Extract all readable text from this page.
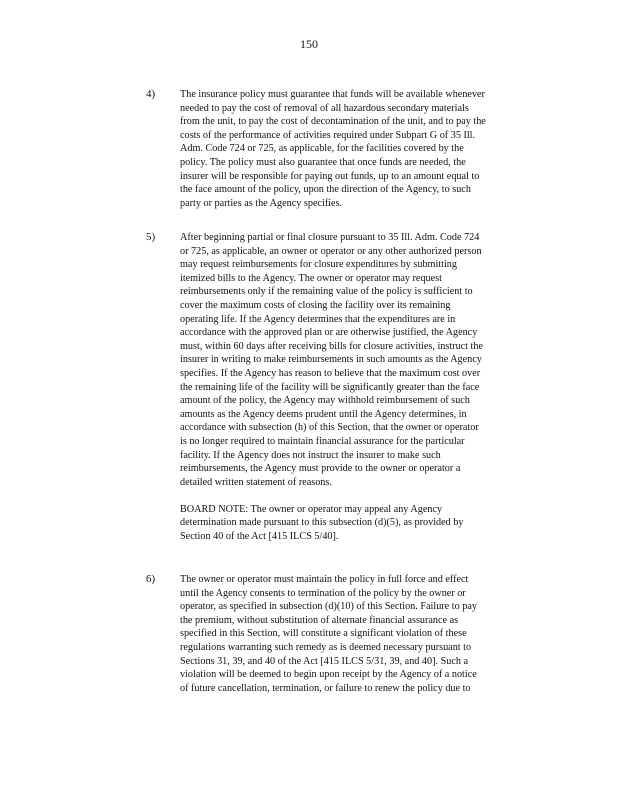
150
4) The insurance policy must guarantee that funds will be available whenever
needed to pay the cost of removal of all hazardous secondary materials
from the unit, to pay the cost of decontamination of the unit, and to pay the
costs of the performance of activities required under Subpart G of 35 Ill.
Adm. Code 724 or 725, as applicable, for the facilities covered by the
policy. The policy must also guarantee that once funds are needed, the
insurer will be responsible for paying out funds, up to an amount equal to
the face amount of the policy, upon the direction of the Agency, to such
party or parties as the Agency specifies.
5) After beginning partial or final closure pursuant to 35 Ill. Adm. Code 724
or 725, as applicable, an owner or operator or any other authorized person
may request reimbursements for closure expenditures by submitting
itemized bills to the Agency. The owner or operator may request
reimbursements only if the remaining value of the policy is sufficient to
cover the maximum costs of closing the facility over its remaining
operating life. If the Agency determines that the expenditures are in
accordance with the approved plan or are otherwise justified, the Agency
must, within 60 days after receiving bills for closure activities, instruct the
insurer in writing to make reimbursements in such amounts as the Agency
specifies. If the Agency has reason to believe that the maximum cost over
the remaining life of the facility will be significantly greater than the face
amount of the policy, the Agency may withhold reimbursement of such
amounts as the Agency deems prudent until the Agency determines, in
accordance with subsection (h) of this Section, that the owner or operator
is no longer required to maintain financial assurance for the particular
facility. If the Agency does not instruct the insurer to make such
reimbursements, the Agency must provide to the owner or operator a
detailed written statement of reasons.
BOARD NOTE: The owner or operator may appeal any Agency
determination made pursuant to this subsection (d)(5), as provided by
Section 40 of the Act [415 ILCS 5/40].
6) The owner or operator must maintain the policy in full force and effect
until the Agency consents to termination of the policy by the owner or
operator, as specified in subsection (d)(10) of this Section. Failure to pay
the premium, without substitution of alternate financial assurance as
specified in this Section, will constitute a significant violation of these
regulations warranting such remedy as is deemed necessary pursuant to
Sections 31, 39, and 40 of the Act [415 ILCS 5/31, 39, and 40]. Such a
violation will be deemed to begin upon receipt by the Agency of a notice
of future cancellation, termination, or failure to renew the policy due to
